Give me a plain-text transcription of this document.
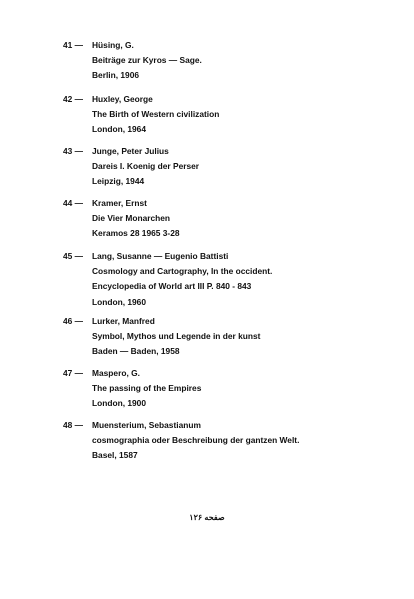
41 —	Hüsing, G.
Beiträge zur Kyros — Sage.
Berlin, 1906
42 —	Huxley, George
The Birth of Western civilization
London, 1964
43 —	Junge, Peter Julius
Dareis I. Koenig der Perser
Leipzig, 1944
44 —	Kramer, Ernst
Die Vier Monarchen
Keramos 28 1965 3-28
45 —	Lang, Susanne — Eugenio Battisti
Cosmology and Cartography, In the occident.
Encyclopedia of World art III P. 840 - 843
London, 1960
46 —	Lurker, Manfred
Symbol, Mythos und Legende in der kunst
Baden — Baden, 1958
47 —	Maspero, G.
The passing of the Empires
London, 1900
48 —	Muensterium, Sebastianum
cosmographia oder Beschreibung der gantzen Welt.
Basel, 1587
صفحه ۱۲۶
